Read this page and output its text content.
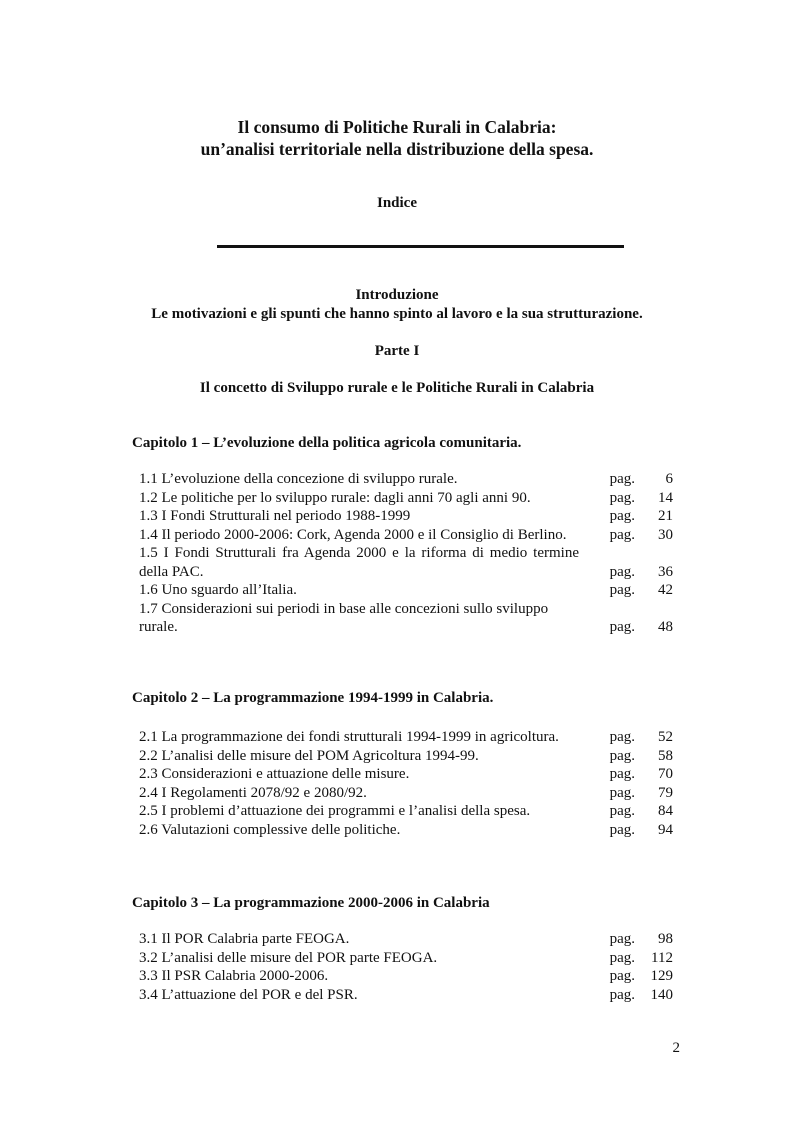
Il consumo di Politiche Rurali in Calabria:
un’analisi territoriale nella distribuzione della spesa.
Indice
Introduzione
Le motivazioni e gli spunti che hanno spinto al lavoro e la sua strutturazione.
Parte I
Il concetto di Sviluppo rurale e le Politiche Rurali in Calabria
Capitolo 1 – L’evoluzione della politica agricola comunitaria.
1.1 L’evoluzione della concezione di sviluppo rurale.	pag. 6
1.2 Le politiche per lo sviluppo rurale: dagli anni 70 agli anni 90.	pag. 14
1.3 I Fondi Strutturali nel periodo 1988-1999	pag. 21
1.4 Il periodo 2000-2006: Cork, Agenda 2000 e il Consiglio di Berlino.	pag. 30
1.5 I Fondi Strutturali fra Agenda 2000 e la riforma di medio termine della PAC.	pag. 36
1.6 Uno sguardo all’Italia.	pag. 42
1.7 Considerazioni sui periodi in base alle concezioni sullo sviluppo rurale.	pag. 48
Capitolo 2 – La programmazione 1994-1999 in Calabria.
2.1 La programmazione dei fondi strutturali 1994-1999 in agricoltura.	pag. 52
2.2 L’analisi delle misure del POM Agricoltura 1994-99.	pag. 58
2.3 Considerazioni e attuazione delle misure.	pag. 70
2.4 I Regolamenti 2078/92 e 2080/92.	pag. 79
2.5 I problemi d’attuazione dei programmi e l’analisi della spesa.	pag. 84
2.6 Valutazioni complessive delle politiche.	pag. 94
Capitolo 3 – La programmazione 2000-2006 in Calabria
3.1 Il POR Calabria parte FEOGA.	pag. 98
3.2 L’analisi delle misure del POR parte FEOGA.	pag. 112
3.3 Il PSR Calabria 2000-2006.	pag. 129
3.4 L’attuazione del POR e del PSR.	pag. 140
2
